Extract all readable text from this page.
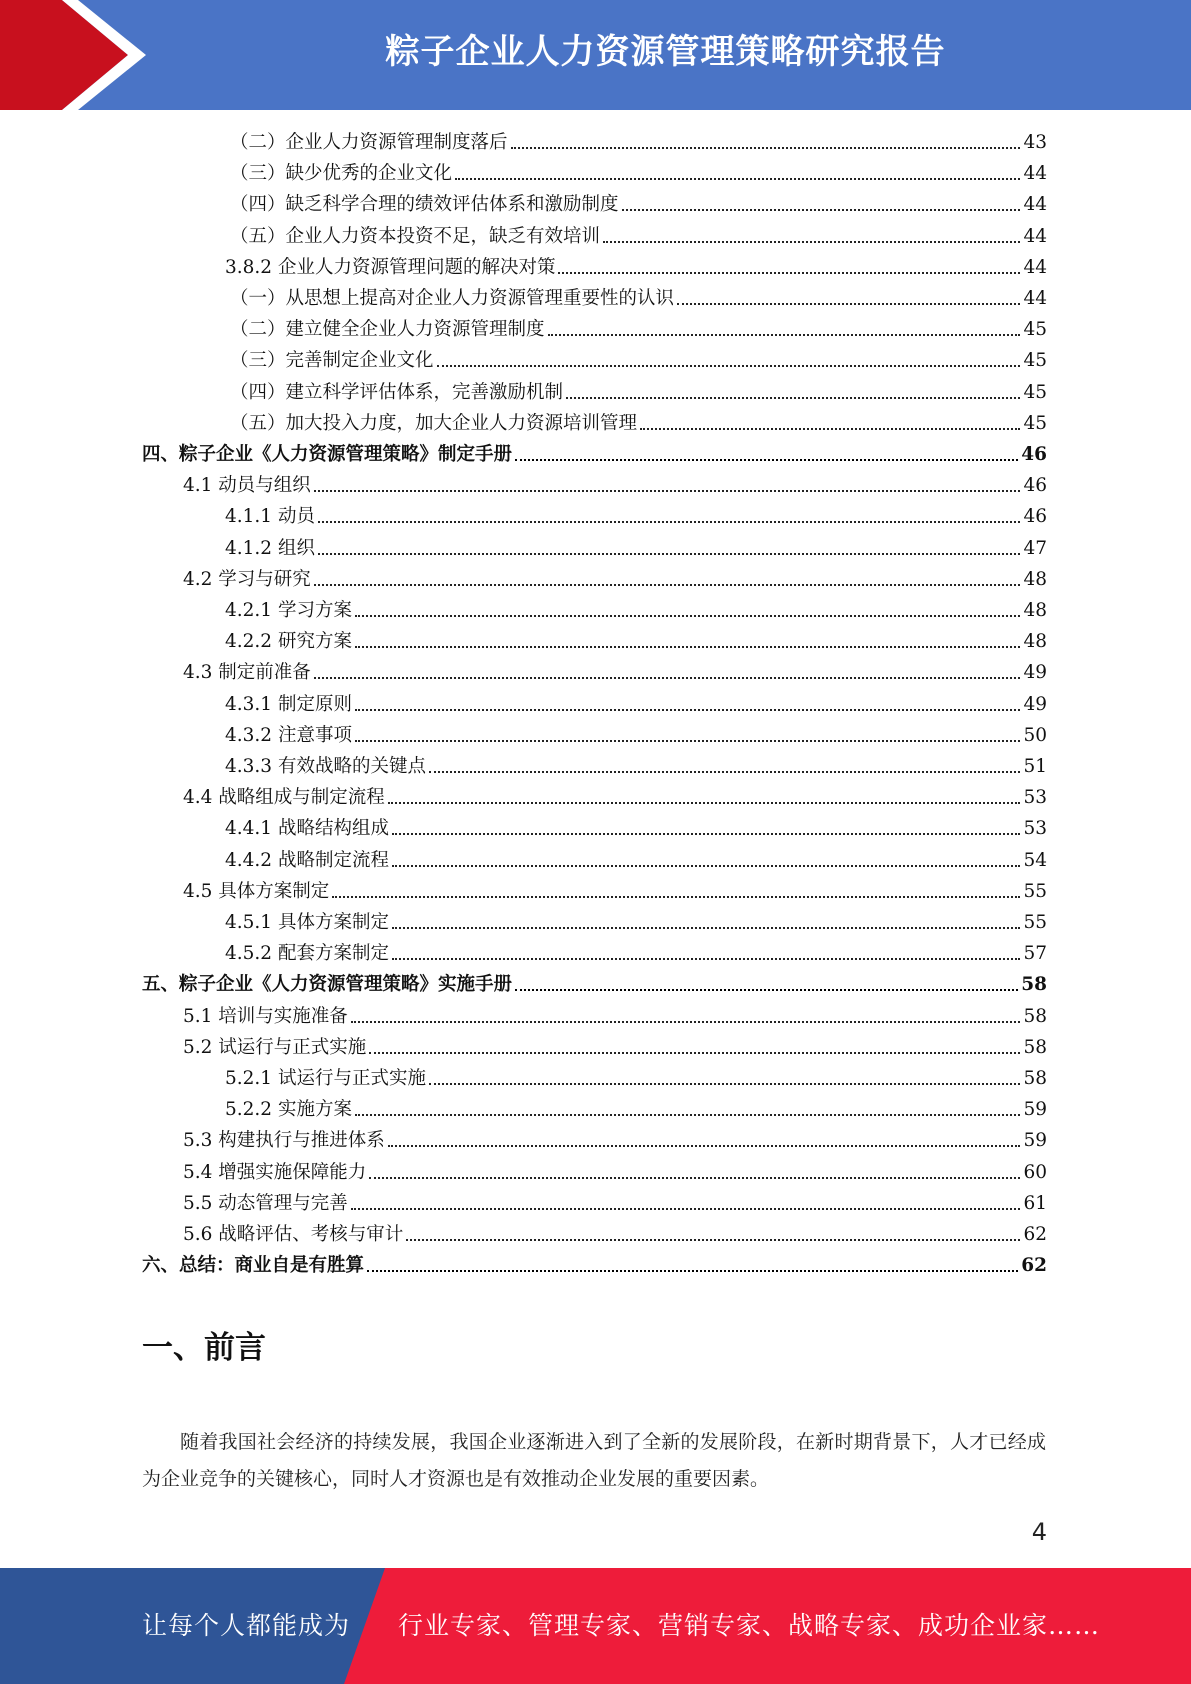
粽子企业人力资源管理策略研究报告
（二）企业人力资源管理制度落后	43
（三）缺少优秀的企业文化	44
（四）缺乏科学合理的绩效评估体系和激励制度	44
（五）企业人力资本投资不足，缺乏有效培训	44
3.8.2 企业人力资源管理问题的解决对策	44
（一）从思想上提高对企业人力资源管理重要性的认识	44
（二）建立健全企业人力资源管理制度	45
（三）完善制定企业文化	45
（四）建立科学评估体系，完善激励机制	45
（五）加大投入力度，加大企业人力资源培训管理	45
四、粽子企业《人力资源管理策略》制定手册	46
4.1 动员与组织	46
4.1.1 动员	46
4.1.2 组织	47
4.2 学习与研究	48
4.2.1 学习方案	48
4.2.2 研究方案	48
4.3 制定前准备	49
4.3.1 制定原则	49
4.3.2 注意事项	50
4.3.3 有效战略的关键点	51
4.4 战略组成与制定流程	53
4.4.1 战略结构组成	53
4.4.2 战略制定流程	54
4.5 具体方案制定	55
4.5.1 具体方案制定	55
4.5.2 配套方案制定	57
五、粽子企业《人力资源管理策略》实施手册	58
5.1 培训与实施准备	58
5.2 试运行与正式实施	58
5.2.1 试运行与正式实施	58
5.2.2 实施方案	59
5.3 构建执行与推进体系	59
5.4 增强实施保障能力	60
5.5 动态管理与完善	61
5.6 战略评估、考核与审计	62
六、总结：商业自是有胜算	62
一、前言
随着我国社会经济的持续发展，我国企业逐渐进入到了全新的发展阶段，在新时期背景下，人才已经成为企业竞争的关键核心，同时人才资源也是有效推动企业发展的重要因素。
4
让每个人都能成为 行业专家、管理专家、营销专家、战略专家、成功企业家……
